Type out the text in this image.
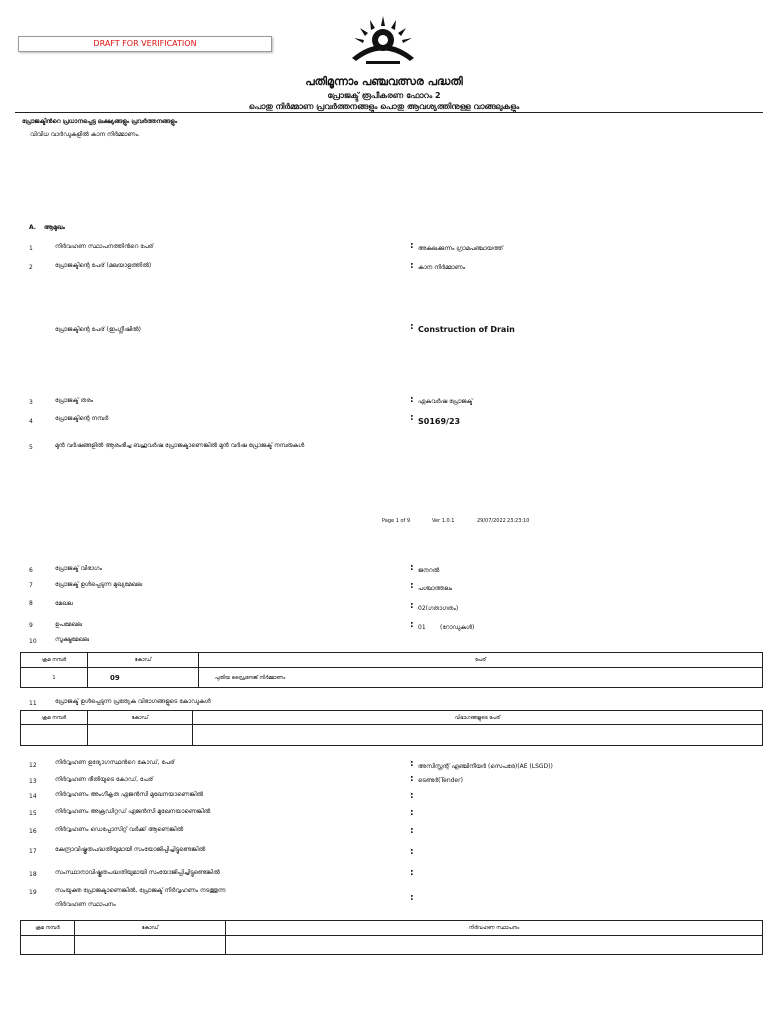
DRAFT FOR VERIFICATION
പതിമൂന്നാം പഞ്ചവത്സര പദ്ധതി
പ്രോജക്ട് രൂപീകരണ ഫോറം 2
പൊതു നിർമ്മാണ പ്രവർത്തനങ്ങളും പൊതു ആവശ്യത്തിനുള്ള വാങ്ങലുകളും
പ്രോജക്ടിൻറെ പ്രധാനപ്പെട്ട ലക്ഷ്യങ്ങളും പ്രവർത്തനങ്ങളും
വിവിധ വാർഡുകളിൽ കാന നിർമ്മാണം.
A. ആമുഖം
1	നിർവഹണ സ്ഥാപനത്തിൻറെ പേര്	: അകലക്കുന്നം ഗ്രാമപഞ്ചായത്ത്
2	പ്രോജക്ടിന്റെ പേര് (മലയാളത്തിൽ)	: കാന നിർമ്മാണം
പ്രോജക്ടിന്റെ പേര് (ഇംഗ്ലീഷിൽ)	: Construction of Drain
3	പ്രോജക്ട് തരം	: ഏകവർഷ പ്രോജക്ട്
4	പ്രോജക്ടിന്റെ നമ്പർ	: S0169/23
5	മുൻ വർഷങ്ങളിൽ ആരംഭിച്ച ബഹുവർഷ പ്രോജക്ടാണെങ്കിൽ മുൻ വർഷ പ്രോജക്ട് നമ്പരുകൾ
Page 1 of 9	Ver 1.0.1	29/07/2022 23:23:10
6	പ്രോജക്ട് വിഭാഗം	: ജനറൽ
7	പ്രോജക്ട് ഉൾപ്പെടുന്ന മുഖ്യമേഖല	: പശ്ചാത്തലം
8	മേഖല	: 02(ഗതാഗതം)
9	ഉപമേഖല	: 01 (റോഡുകൾ)
10	സൂക്ഷ്മമേഖല
ക്രമ നമ്പർ	കോഡ്	പേര്
1	09	പുതിയ ഡ്രൈനേജ് നിർമ്മാണം
11	പ്രോജക്ട് ഉൾപ്പെടുന്ന പ്രത്യേക വിഭാഗങ്ങളുടെ കോഡുകൾ
ക്രമ നമ്പർ	കോഡ്	വിഭാഗങ്ങളുടെ പേര്

12	നിർവ്വഹണ ഉദ്യോഗസ്ഥൻറെ കോഡ്, പേര്	: അസിസ്റ്റന്റ് എഞ്ചിനീയർ (സെപരേ)(AE (LSGD))
13	നിർവ്വഹണ രീതിയുടെ കോഡ്, പേര്	: ടെണ്ടർ(Tender)
14	നിർവ്വഹണം അംഗീകൃത ഏജൻസി മുഖേനയാണെങ്കിൽ	:
15	നിർവ്വഹണം അക്രഡിറ്റഡ് ഏജൻസി മുഖേനയാണെങ്കിൽ	:
16	നിർവ്വഹണം ഡെപ്പോസിറ്റ് വർക്ക് ആണെങ്കിൽ	:
17	കേന്ദ്രാവിഷ്കൃതപദ്ധതിയുമായി സംയോജിപ്പിച്ചിട്ടുണ്ടെങ്കിൽ	:
18	സംസ്ഥാനാവിഷ്കൃതപദ്ധതിയുമായി സംയോജിപ്പിച്ചിട്ടുണ്ടെങ്കിൽ	:
19	സംയുക്ത പ്രോജക്ടാണെങ്കിൽ, പ്രോജക്ട് നിർവ്വഹണം നടത്തുന്ന
നിർവഹണ സ്ഥാപനം
:
ക്രമ നമ്പർ	കോഡ്	നിർവഹണ സ്ഥാപനം
